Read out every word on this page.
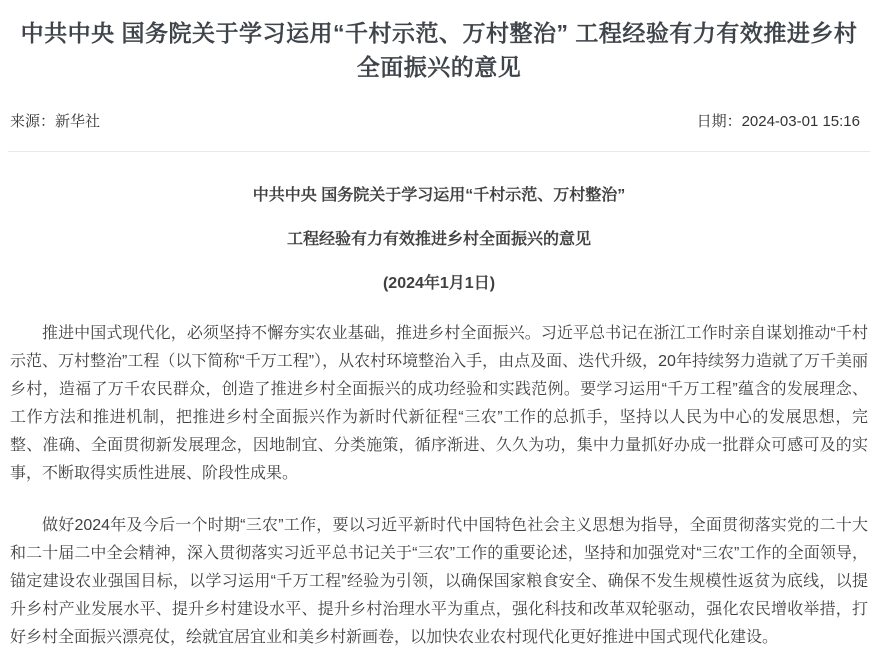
中共中央 国务院关于学习运用“千村示范、万村整治” 工程经验有力有效推进乡村全面振兴的意见
来源：新华社	日期：2024-03-01 15:16

中共中央 国务院关于学习运用“千村示范、万村整治”

工程经验有力有效推进乡村全面振兴的意见

(2024年1月1日)

推进中国式现代化，必须坚持不懈夯实农业基础，推进乡村全面振兴。习近平总书记在浙江工作时亲自谋划推动“千村示范、万村整治”工程（以下简称“千万工程”），从农村环境整治入手，由点及面、迭代升级，20年持续努力造就了万千美丽乡村，造福了万千农民群众，创造了推进乡村全面振兴的成功经验和实践范例。要学习运用“千万工程”蕴含的发展理念、工作方法和推进机制，把推进乡村全面振兴作为新时代新征程“三农”工作的总抓手，坚持以人民为中心的发展思想，完整、准确、全面贯彻新发展理念，因地制宜、分类施策，循序渐进、久久为功，集中力量抓好办成一批群众可感可及的实事，不断取得实质性进展、阶段性成果。

做好2024年及今后一个时期“三农”工作，要以习近平新时代中国特色社会主义思想为指导，全面贯彻落实党的二十大和二十届二中全会精神，深入贯彻落实习近平总书记关于“三农”工作的重要论述，坚持和加强党对“三农”工作的全面领导，锚定建设农业强国目标，以学习运用“千万工程”经验为引领，以确保国家粮食安全、确保不发生规模性返贫为底线，以提升乡村产业发展水平、提升乡村建设水平、提升乡村治理水平为重点，强化科技和改革双轮驱动，强化农民增收举措，打好乡村全面振兴漂亮仗，绘就宜居宜业和美乡村新画卷，以加快农业农村现代化更好推进中国式现代化建设。
